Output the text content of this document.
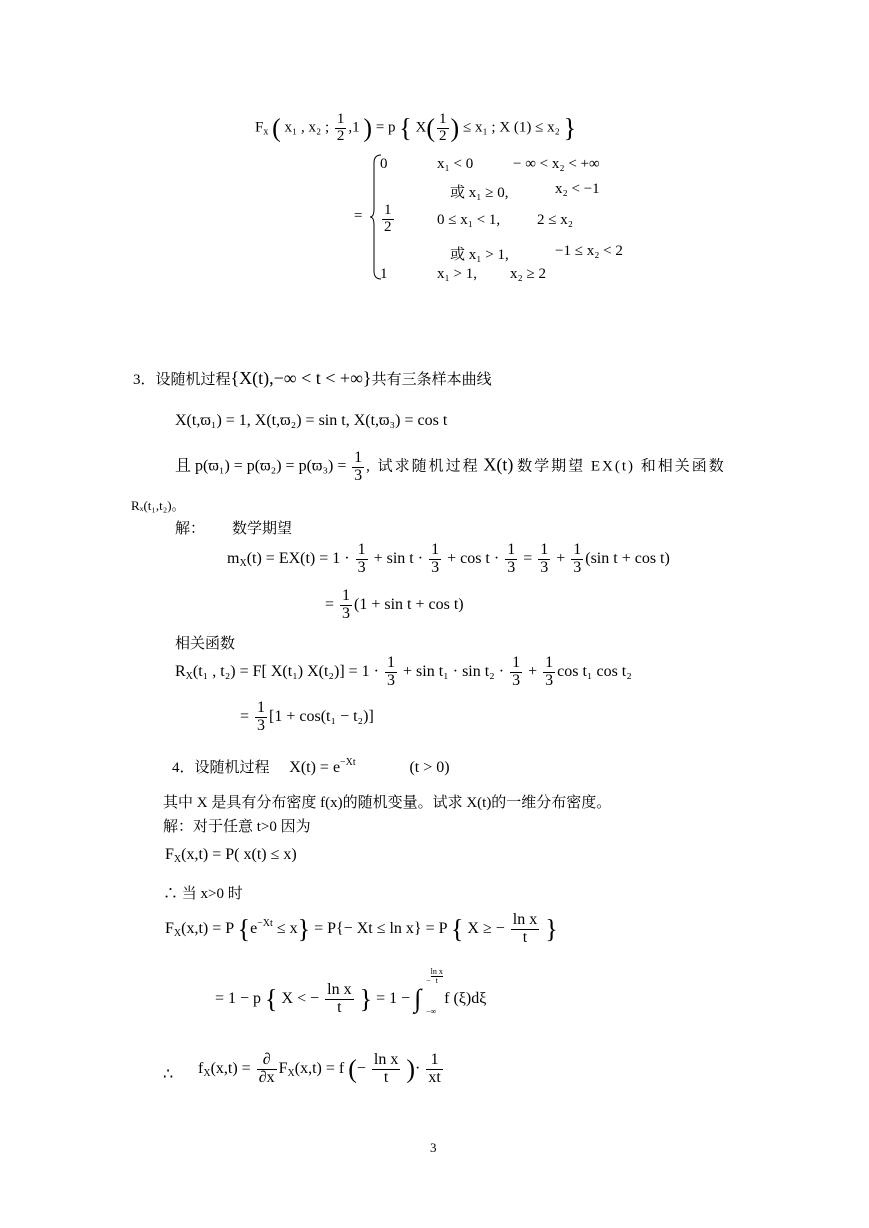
$F_x$ ( x₁ , x₂ ; $\frac{1}{2} ,1$ ) = p { $X( \frac{1}{2}$ ) ≤ x₁ ; X (1) ≤ x₂ }
=
0	x₁ < 0	− ∞ < x₂ < +∞
或 x₁ ≥ 0,	x₂ < −1
$\frac{1}{2}$	0 ≤ x₁ < 1, 2 ≤ x₂
或 x₁ > 1,	−1 ≤ x₂ < 2
1	x₁ > 1, x₂ ≥ 2
3．设随机过程{X(t),−∞ < t < +∞}共有三条样本曲线
X(t,ϖ₁) = 1, X(t,ϖ₂) = sin t, X(t,ϖ₃) = cos t
且 $p(ϖ_1) = p(ϖ_2) = p(ϖ_3) = \frac{1}{3}$ , 试求随机过程 X(t) 数学期望 EX(t) 和相关函数
Rₓ(t₁,t₂)。
解： 数学期望
$m_X(t) = EX(t) = 1 \cdot \frac{1}{3} + \sin t \cdot \frac{1}{3} + \cos t \cdot \frac{1}{3} = \frac{1}{3} + \frac{1}{3} (\sin$ t + cos t)
= $\frac{1}{3} (1 + \sin t + \cos t)$
相关函数
$R_X(t_1$ , t₂) = F[ X(t₁) $X(t_2)] = 1 \cdot \frac{1}{3} + \sin t_1 \cdot \sin t_2 \cdot \frac{1}{3} + \frac{1}{3}$ cos t₁ cos t₂
= $\frac{1}{3} [1 + \cos(t_1 - t_2)]$
4．设随机过程 $X(t) = e^{-Xt}$	(t > 0)
其中 X 是具有分布密度 f(x)的随机变量。试求 X(t)的一维分布密度。
解：对于任意 t>0 因为
$F_X(x,t) = P$( x(t) ≤ x)
∴ 当 x>0 时
$F_X(x,t) = P$ $\{e^{-Xt} \le x\} = P\{- Xt \le \ln x\} = P$ { X ≥ − $\frac{\text{ln x}}{t}$ }
= 1 − p { X < − $\frac{\text{ln x}}{t}$ } = 1 − ∫
− $\frac{\text{ln x}}{t}$
−∞
f (ξ)dξ
∴ $f_X(x,t) = \frac{\partial}{\partial x} F_X(x,t) = f$ (− $\frac{\text{ln x}}{t}$ )· $\frac{1}{xt}$
3
